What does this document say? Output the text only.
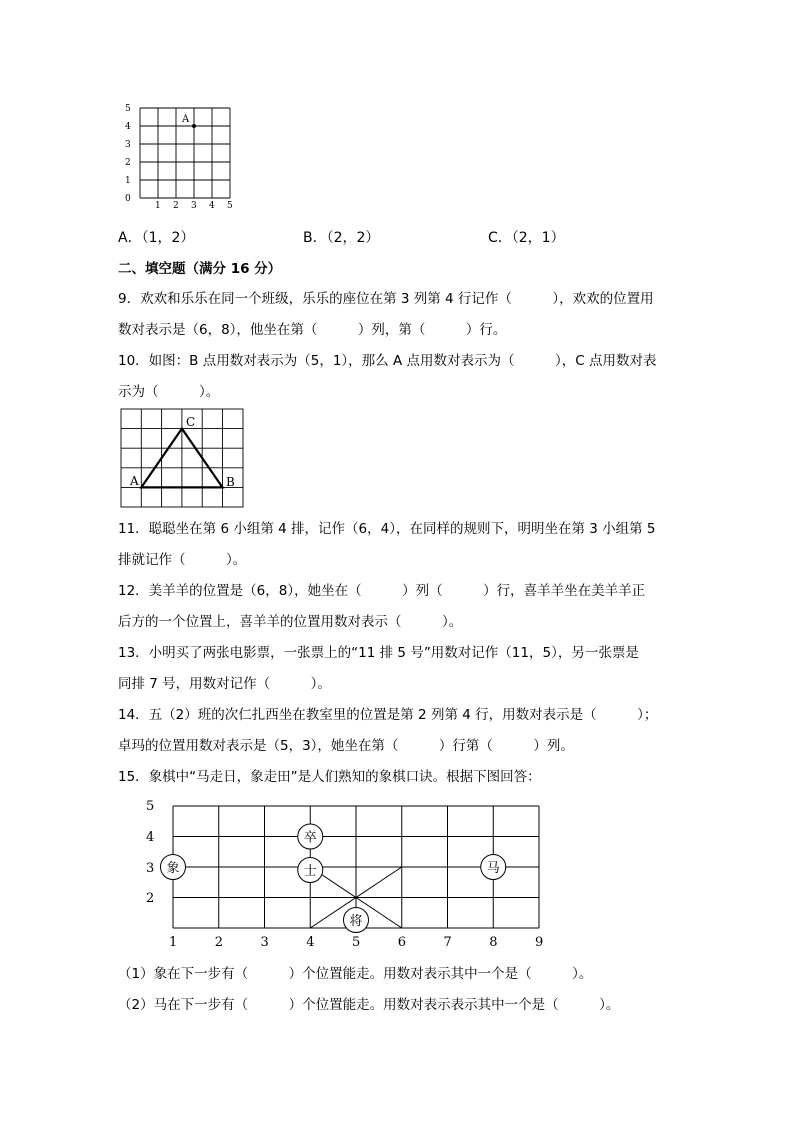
5
4
3
2
1
0
1 2 3 4 5
A
A．（1，2）	B．（2，2）	C．（2，1）
二、填空题（满分 16 分）
9．欢欢和乐乐在同一个班级，乐乐的座位在第 3 列第 4 行记作（　　　），欢欢的位置用
数对表示是（6，8），他坐在第（　　　）列，第（　　　）行。
10．如图：B 点用数对表示为（5，1），那么 A 点用数对表示为（　　　），C 点用数对表
示为（　　　）。
A	B
C
11．聪聪坐在第 6 小组第 4 排，记作（6，4），在同样的规则下，明明坐在第 3 小组第 5
排就记作（　　　）。
12．美羊羊的位置是（6，8），她坐在（　　　）列（　　　）行，喜羊羊坐在美羊羊正
后方的一个位置上，喜羊羊的位置用数对表示（　　　）。
13．小明买了两张电影票，一张票上的“11 排 5 号”用数对记作（11，5），另一张票是
同排 7 号，用数对记作（　　　）。
14．五（2）班的次仁扎西坐在教室里的位置是第 2 列第 4 行，用数对表示是（　　　）；
卓玛的位置用数对表示是（5，3），她坐在第（　　　）行第（　　　）列。
15．象棋中“马走日，象走田”是人们熟知的象棋口诀。根据下图回答：
5
4
3
2
1	2	3	4	5	6	7	8	9
象
卒
士	马
将
（1）象在下一步有（　　　）个位置能走。用数对表示其中一个是（　　　）。
（2）马在下一步有（　　　）个位置能走。用数对表示表示其中一个是（　　　）。
